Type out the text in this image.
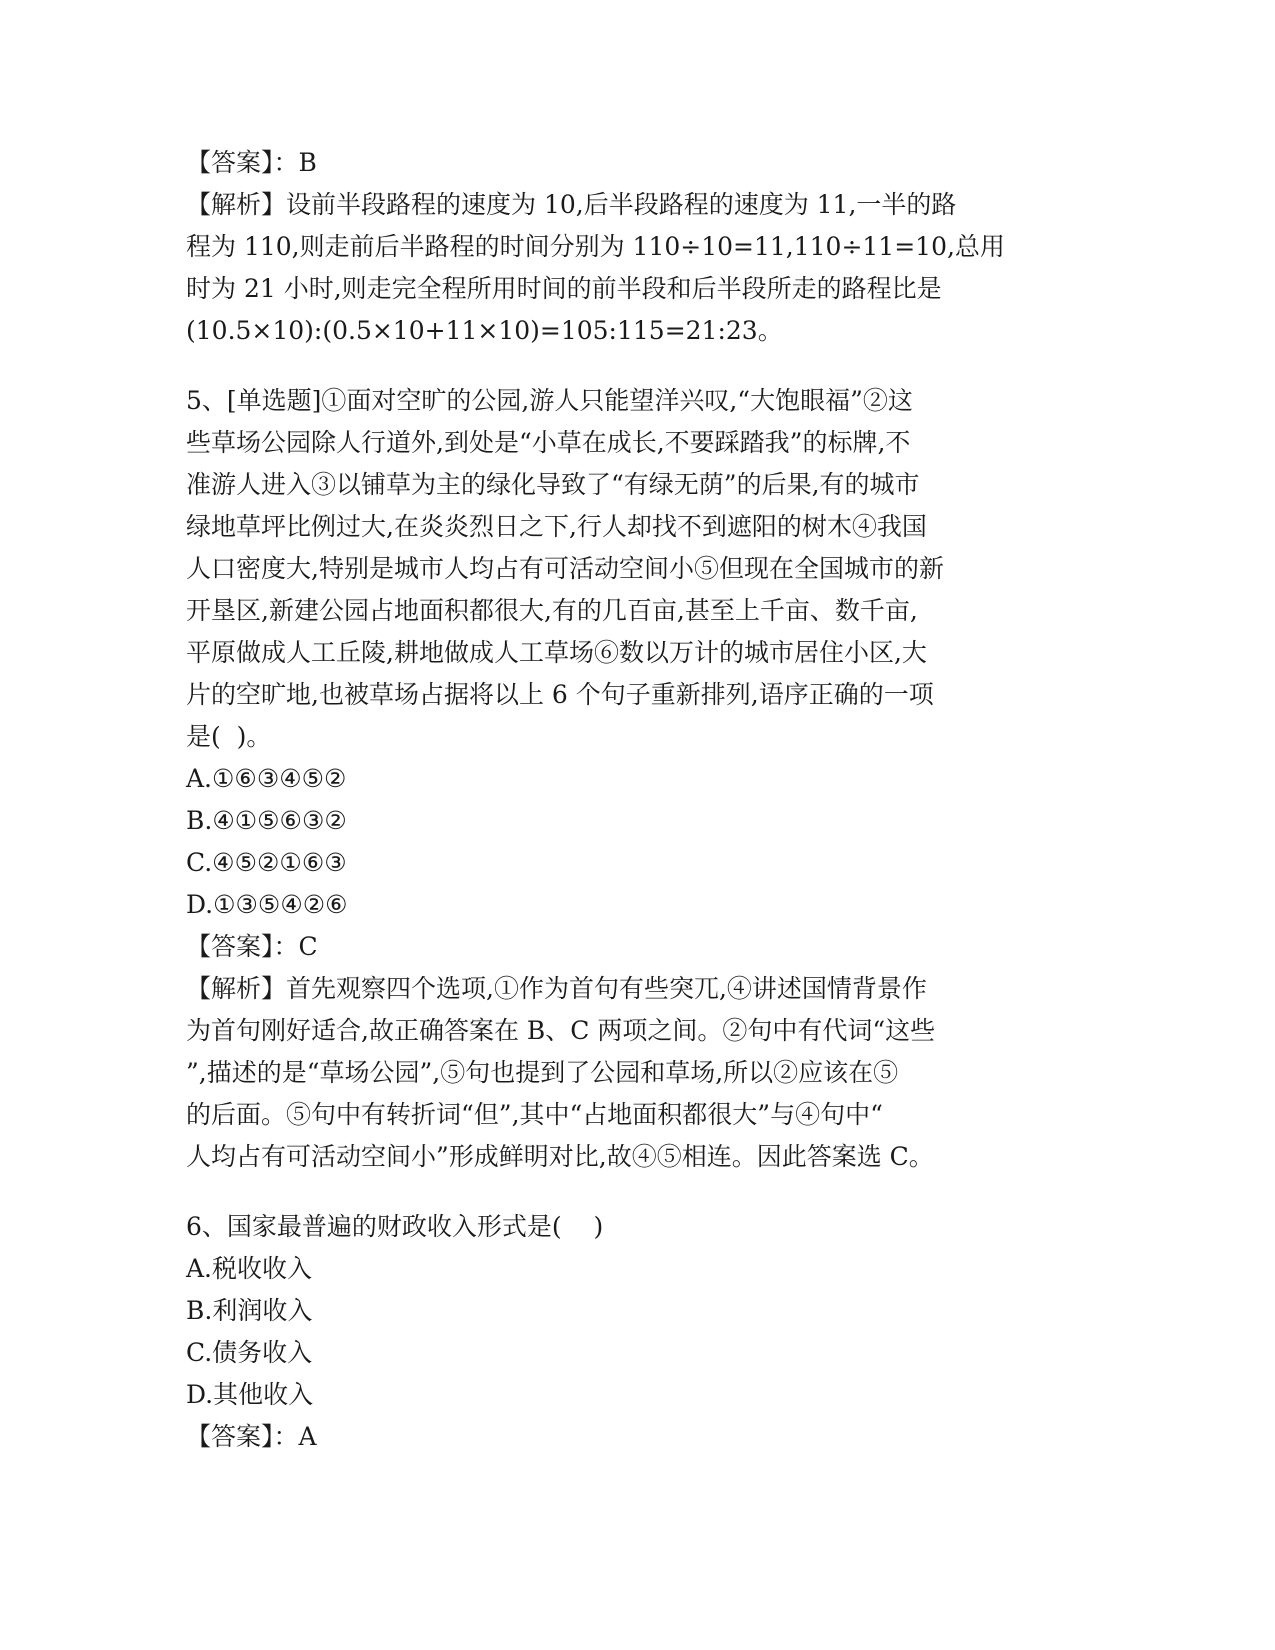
【答案】：B
【解析】设前半段路程的速度为 10,后半段路程的速度为 11,一半的路
程为 110,则走前后半路程的时间分别为 110÷10=11,110÷11=10,总用
时为 21 小时,则走完全程所用时间的前半段和后半段所走的路程比是
(10.5×10):(0.5×10+11×10)=105:115=21:23。
5、[单选题]①面对空旷的公园,游人只能望洋兴叹,“大饱眼福”②这
些草场公园除人行道外,到处是“小草在成长,不要踩踏我”的标牌,不
准游人进入③以铺草为主的绿化导致了“有绿无荫”的后果,有的城市
绿地草坪比例过大,在炎炎烈日之下,行人却找不到遮阳的树木④我国
人口密度大,特别是城市人均占有可活动空间小⑤但现在全国城市的新
开垦区,新建公园占地面积都很大,有的几百亩,甚至上千亩、数千亩,
平原做成人工丘陵,耕地做成人工草场⑥数以万计的城市居住小区,大
片的空旷地,也被草场占据将以上 6 个句子重新排列,语序正确的一项
是(  )。
A.①⑥③④⑤②
B.④①⑤⑥③②
C.④⑤②①⑥③
D.①③⑤④②⑥
【答案】：C
【解析】首先观察四个选项,①作为首句有些突兀,④讲述国情背景作
为首句刚好适合,故正确答案在 B、C 两项之间。②句中有代词“这些
”,描述的是“草场公园”,⑤句也提到了公园和草场,所以②应该在⑤
的后面。⑤句中有转折词“但”,其中“占地面积都很大”与④句中“
人均占有可活动空间小”形成鲜明对比,故④⑤相连。因此答案选 C。
6、国家最普遍的财政收入形式是(    )
A.税收收入
B.利润收入
C.债务收入
D.其他收入
【答案】：A
